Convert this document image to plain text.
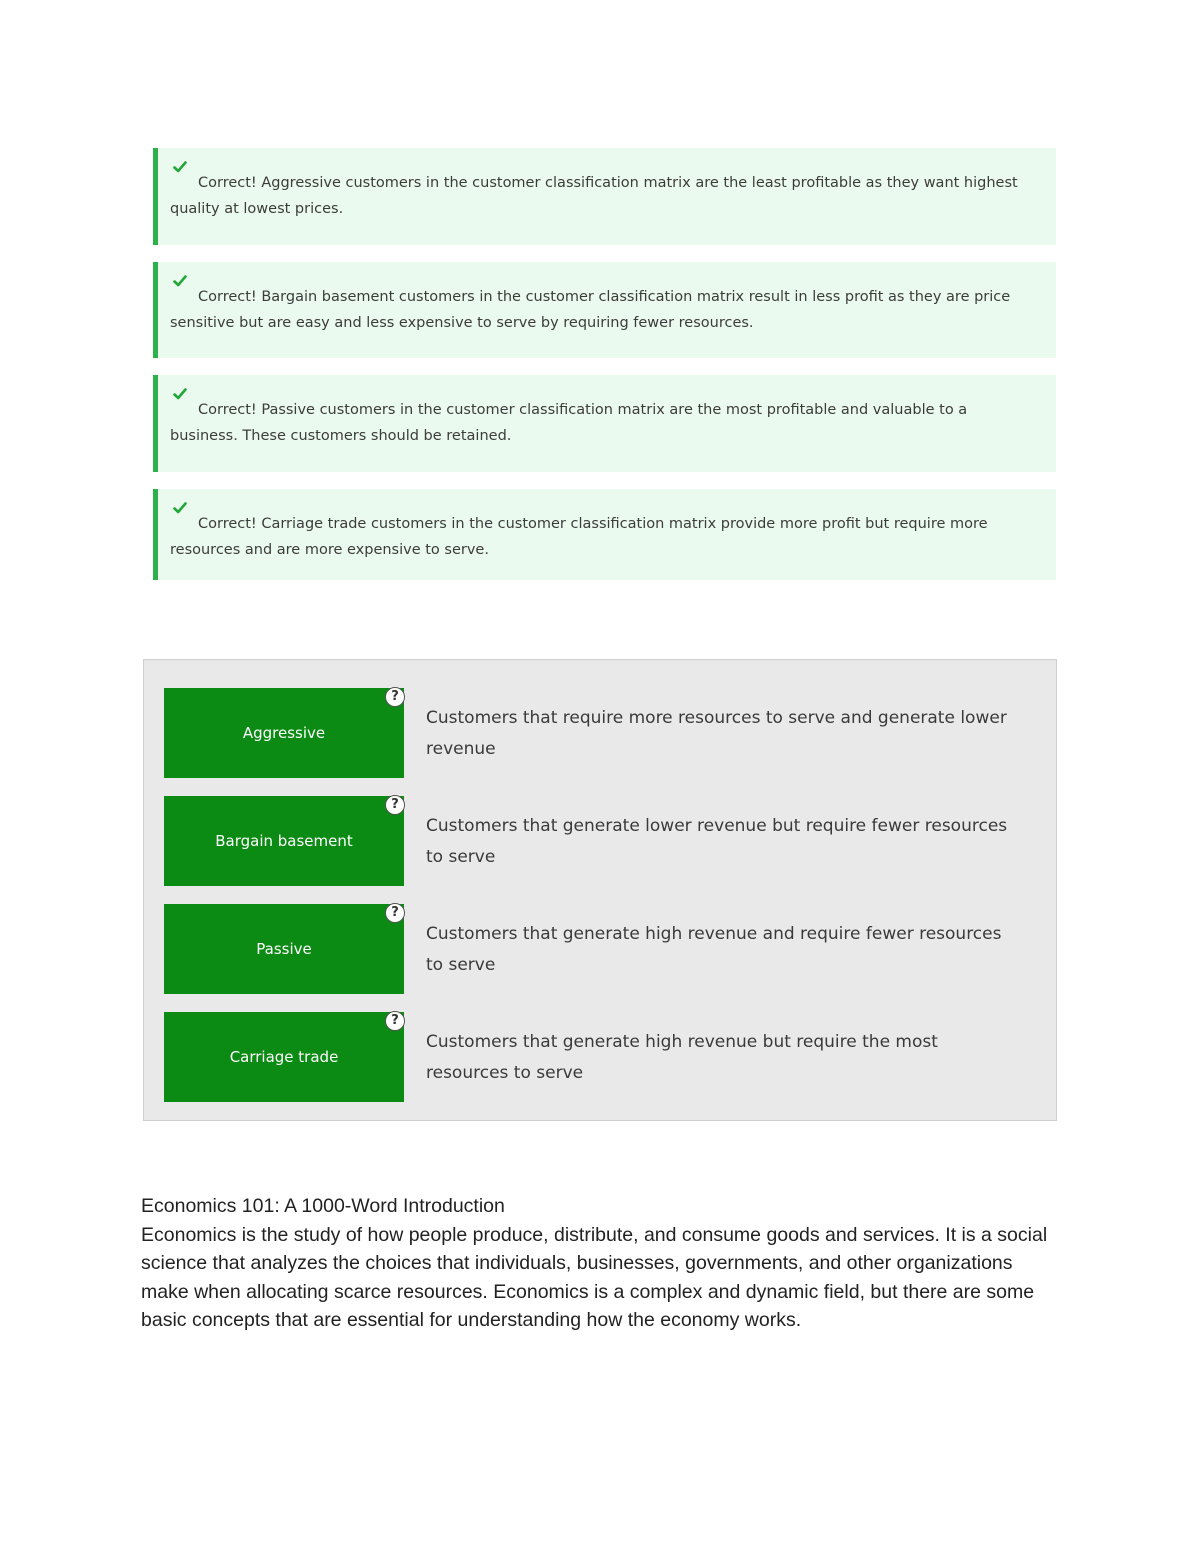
Correct! Aggressive customers in the customer classification matrix are the least profitable as they want highest quality at lowest prices.
Correct! Bargain basement customers in the customer classification matrix result in less profit as they are price sensitive but are easy and less expensive to serve by requiring fewer resources.
Correct! Passive customers in the customer classification matrix are the most profitable and valuable to a business. These customers should be retained.
Correct! Carriage trade customers in the customer classification matrix provide more profit but require more resources and are more expensive to serve.
Aggressive
?
Customers that require more resources to serve and generate lower revenue
Bargain basement
?
Customers that generate lower revenue but require fewer resources to serve
Passive
?
Customers that generate high revenue and require fewer resources to serve
Carriage trade
?
Customers that generate high revenue but require the most resources to serve

Economics 101: A 1000-Word Introduction

Economics is the study of how people produce, distribute, and consume goods and services. It is a social science that analyzes the choices that individuals, businesses, governments, and other organizations make when allocating scarce resources. Economics is a complex and dynamic field, but there are some basic concepts that are essential for understanding how the economy works.
